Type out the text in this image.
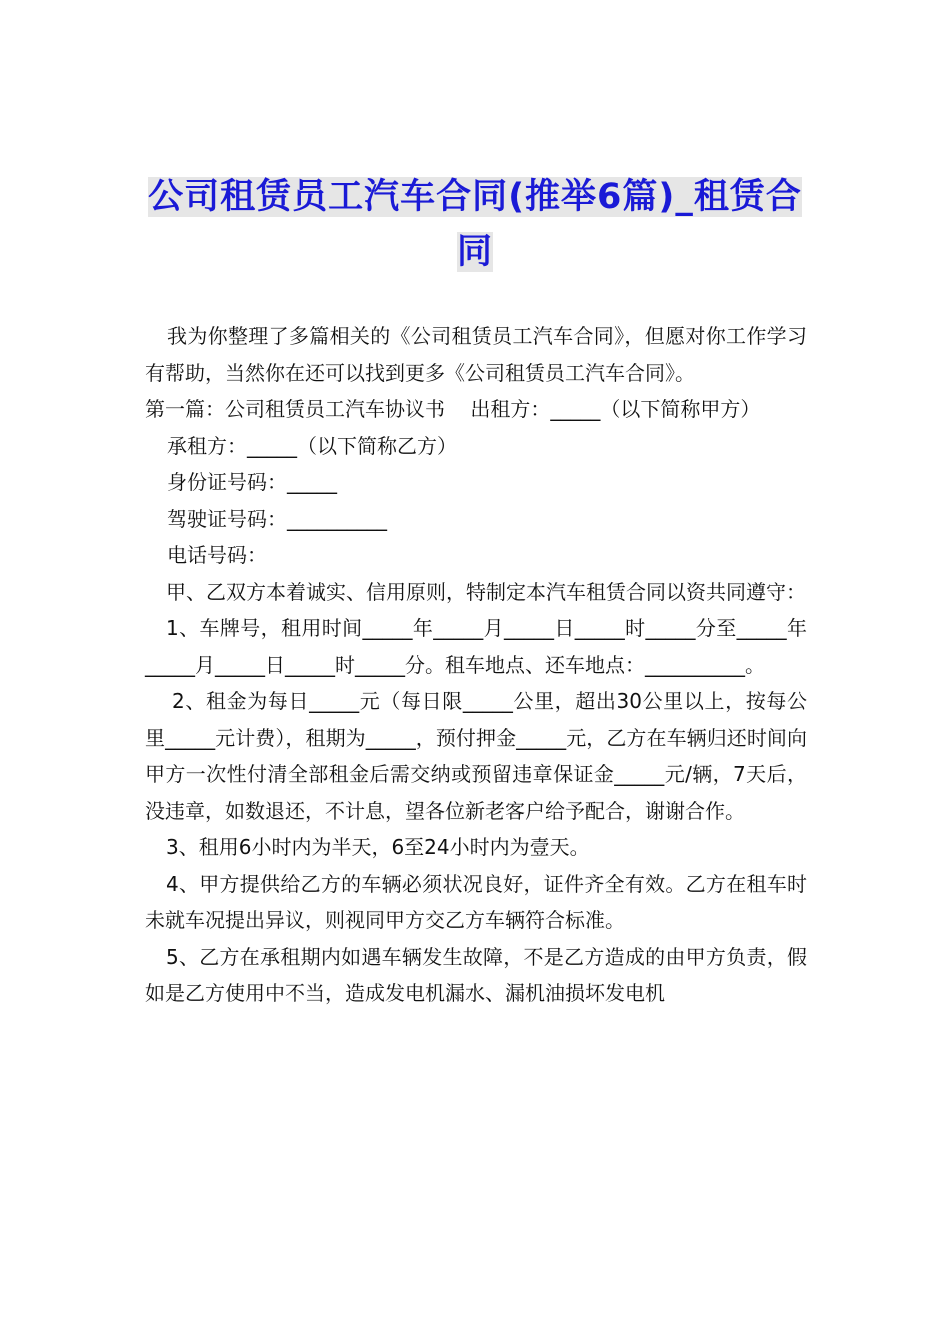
公司租赁员工汽车合同(推举6篇)_租赁合同

我为你整理了多篇相关的《公司租赁员工汽车合同》，但愿对你工作学习有帮助，当然你在还可以找到更多《公司租赁员工汽车合同》。

第一篇：公司租赁员工汽车协议书    出租方：_____（以下简称甲方）

承租方：_____（以下简称乙方）

身份证号码：_____

驾驶证号码：__________

电话号码：

甲、乙双方本着诚实、信用原则，特制定本汽车租赁合同以资共同遵守：

1、车牌号，租用时间_____年_____月_____日_____时_____分至_____年_____月_____日_____时_____分。租车地点、还车地点：__________。

2、租金为每日_____元（每日限_____公里，超出30公里以上，按每公里_____元计费），租期为_____，预付押金_____元，乙方在车辆归还时间向甲方一次性付清全部租金后需交纳或预留违章保证金_____元/辆，7天后，没违章，如数退还，不计息，望各位新老客户给予配合，谢谢合作。

3、租用6小时内为半天，6至24小时内为壹天。

4、甲方提供给乙方的车辆必须状况良好，证件齐全有效。乙方在租车时未就车况提出异议，则视同甲方交乙方车辆符合标准。

5、乙方在承租期内如遇车辆发生故障，不是乙方造成的由甲方负责，假如是乙方使用中不当，造成发电机漏水、漏机油损坏发电机
